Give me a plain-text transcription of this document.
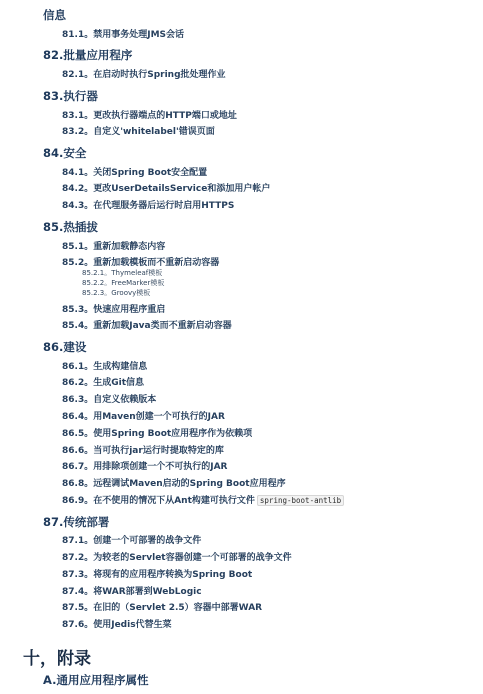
信息
81.1。禁用事务处理JMS会话
82.批量应用程序
82.1。在启动时执行Spring批处理作业
83.执行器
83.1。更改执行器端点的HTTP端口或地址
83.2。自定义'whitelabel'错误页面
84.安全
84.1。关闭Spring Boot安全配置
84.2。更改UserDetailsService和添加用户帐户
84.3。在代理服务器后运行时启用HTTPS
85.热插拔
85.1。重新加载静态内容
85.2。重新加载模板而不重新启动容器
85.2.1。Thymeleaf模板
85.2.2。FreeMarker模板
85.2.3。Groovy模板
85.3。快速应用程序重启
85.4。重新加载Java类而不重新启动容器
86.建设
86.1。生成构建信息
86.2。生成Git信息
86.3。自定义依赖版本
86.4。用Maven创建一个可执行的JAR
86.5。使用Spring Boot应用程序作为依赖项
86.6。当可执行jar运行时提取特定的库
86.7。用排除项创建一个不可执行的JAR
86.8。远程调试Maven启动的Spring Boot应用程序
86.9。在不使用的情况下从Ant构建可执行文件 spring-boot-antlib
87.传统部署
87.1。创建一个可部署的战争文件
87.2。为较老的Servlet容器创建一个可部署的战争文件
87.3。将现有的应用程序转换为Spring Boot
87.4。将WAR部署到WebLogic
87.5。在旧的（Servlet 2.5）容器中部署WAR
87.6。使用Jedis代替生菜
十，附录
A.通用应用程序属性
